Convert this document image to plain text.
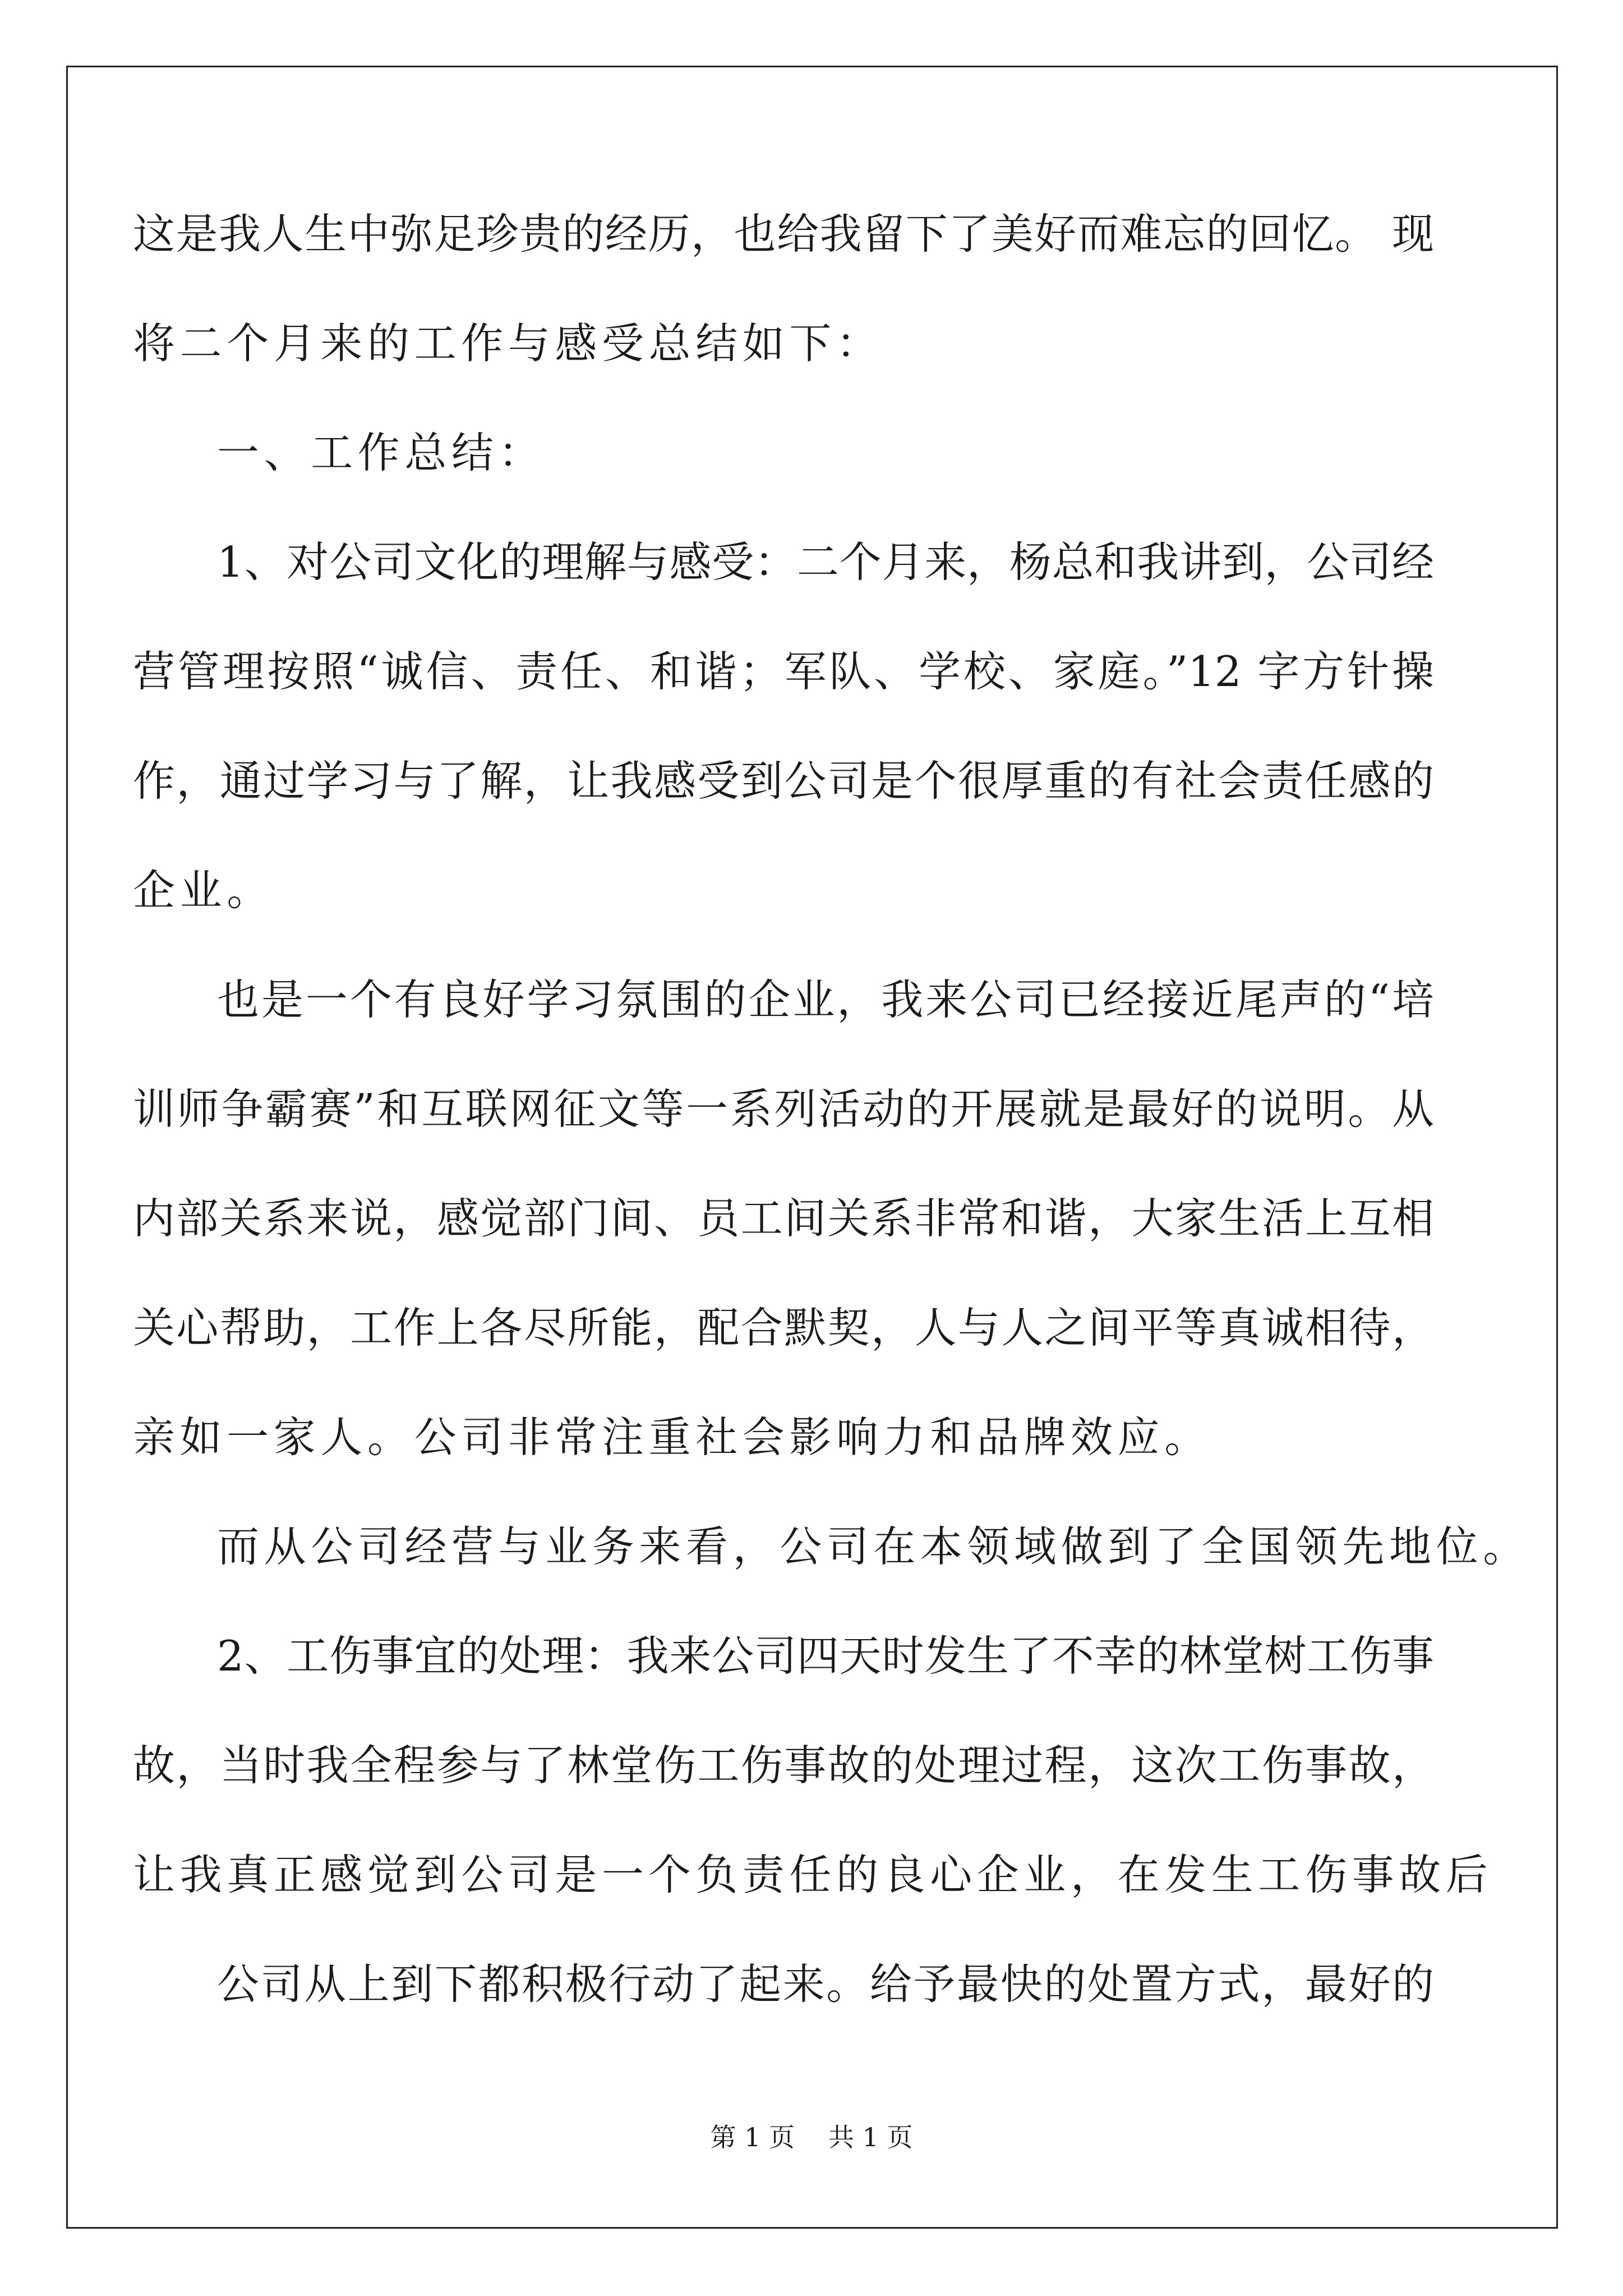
这是我人生中弥足珍贵的经历，也给我留下了美好而难忘的回忆。 现
将二个月来的工作与感受总结如下：
一、工作总结：
1、对公司文化的理解与感受：二个月来，杨总和我讲到，公司经
营管理按照“诚信、责任、和谐；军队、学校、家庭。”12 字方针操
作，通过学习与了解，让我感受到公司是个很厚重的有社会责任感的
企业。
也是一个有良好学习氛围的企业，我来公司已经接近尾声的“培
训师争霸赛”和互联网征文等一系列活动的开展就是最好的说明。从
内部关系来说，感觉部门间、员工间关系非常和谐，大家生活上互相
关心帮助，工作上各尽所能，配合默契，人与人之间平等真诚相待，
亲如一家人。公司非常注重社会影响力和品牌效应。
而从公司经营与业务来看，公司在本领域做到了全国领先地位。
2、工伤事宜的处理：我来公司四天时发生了不幸的林堂树工伤事
故，当时我全程参与了林堂伤工伤事故的处理过程，这次工伤事故，
让我真正感觉到公司是一个负责任的良心企业，在发生工伤事故后
公司从上到下都积极行动了起来。给予最快的处置方式，最好的
第 1 页 共 1 页
